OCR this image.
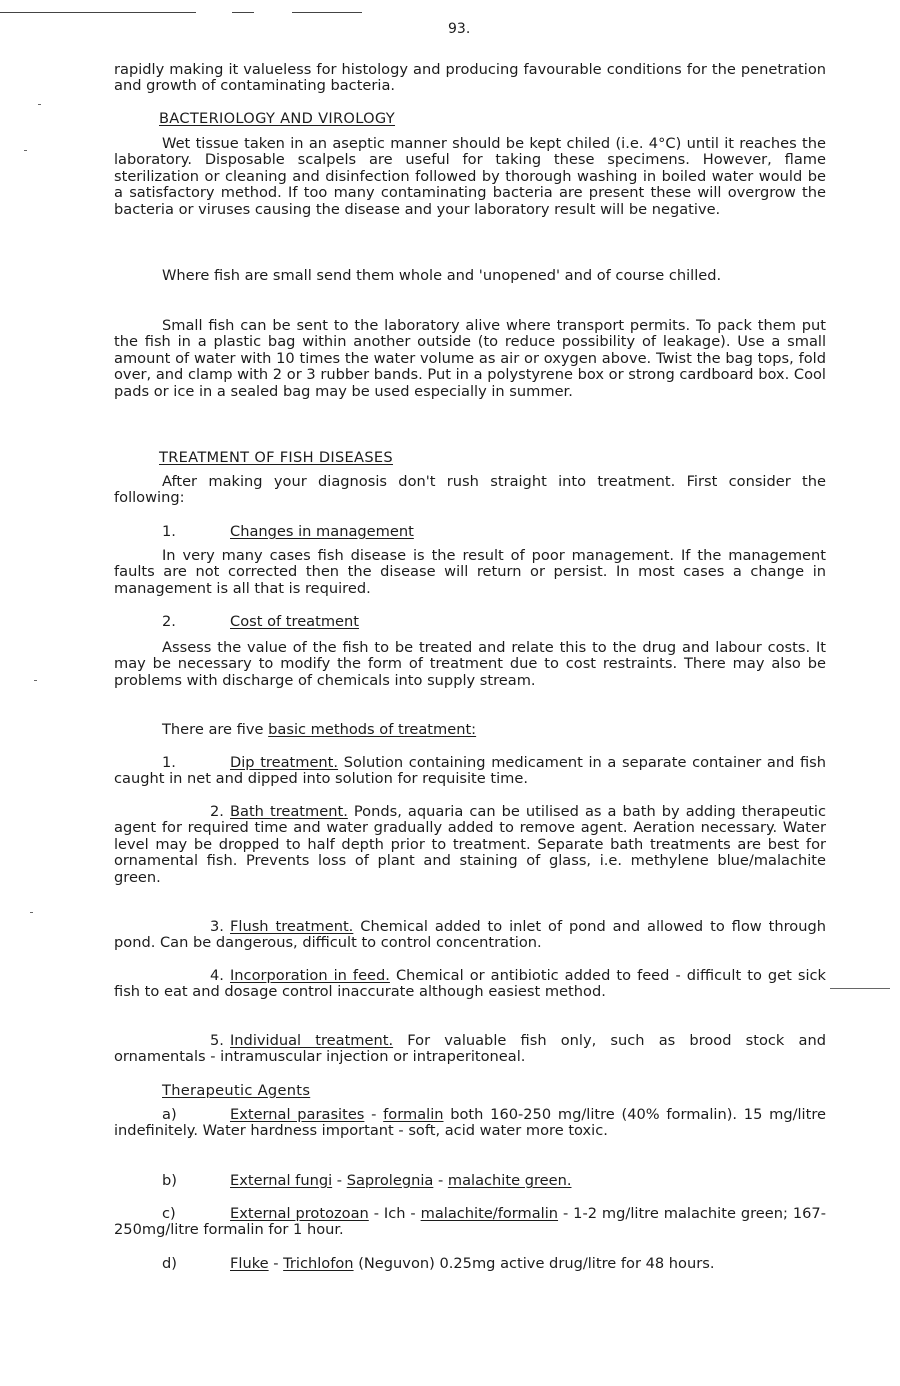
93.

rapidly making it valueless for histology and producing favourable conditions for the penetration and growth of contaminating bacteria.

BACTERIOLOGY AND VIROLOGY

Wet tissue taken in an aseptic manner should be kept chiled (i.e. 4°C) until it reaches the laboratory. Disposable scalpels are useful for taking these specimens. However, flame sterilization or cleaning and disinfection followed by thorough washing in boiled water would be a satisfactory method. If too many contaminating bacteria are present these will overgrow the bacteria or viruses causing the disease and your laboratory result will be negative.

Where fish are small send them whole and 'unopened' and of course chilled.

Small fish can be sent to the laboratory alive where transport permits. To pack them put the fish in a plastic bag within another outside (to reduce possibility of leakage). Use a small amount of water with 10 times the water volume as air or oxygen above. Twist the bag tops, fold over, and clamp with 2 or 3 rubber bands. Put in a polystyrene box or strong cardboard box. Cool pads or ice in a sealed bag may be used especially in summer.

TREATMENT OF FISH DISEASES

After making your diagnosis don't rush straight into treatment. First consider the following:

1.	Changes in management

In very many cases fish disease is the result of poor management. If the management faults are not corrected then the disease will return or persist. In most cases a change in management is all that is required.

2.	Cost of treatment

Assess the value of the fish to be treated and relate this to the drug and labour costs. It may be necessary to modify the form of treatment due to cost restraints. There may also be problems with discharge of chemicals into supply stream.

There are five basic methods of treatment:

1.	Dip treatment. Solution containing medicament in a separate container and fish caught in net and dipped into solution for requisite time.

2. Bath treatment. Ponds, aquaria can be utilised as a bath by adding therapeutic agent for required time and water gradually added to remove agent. Aeration necessary. Water level may be dropped to half depth prior to treatment. Separate bath treatments are best for ornamental fish. Prevents loss of plant and staining of glass, i.e. methylene blue/malachite green.

3. Flush treatment. Chemical added to inlet of pond and allowed to flow through pond. Can be dangerous, difficult to control concentration.

4. Incorporation in feed. Chemical or antibiotic added to feed - difficult to get sick fish to eat and dosage control inaccurate although easiest method.

5. Individual treatment. For valuable fish only, such as brood stock and ornamentals - intramuscular injection or intraperitoneal.

Therapeutic Agents

a)	External parasites - formalin both 160-250 mg/litre (40% formalin). 15 mg/litre indefinitely. Water hardness important - soft, acid water more toxic.

b)	External fungi - Saprolegnia - malachite green.

c)	External protozoan - Ich - malachite/formalin - 1-2 mg/litre malachite green; 167-250mg/litre formalin for 1 hour.

d)	Fluke - Trichlofon (Neguvon) 0.25mg active drug/litre for 48 hours.
